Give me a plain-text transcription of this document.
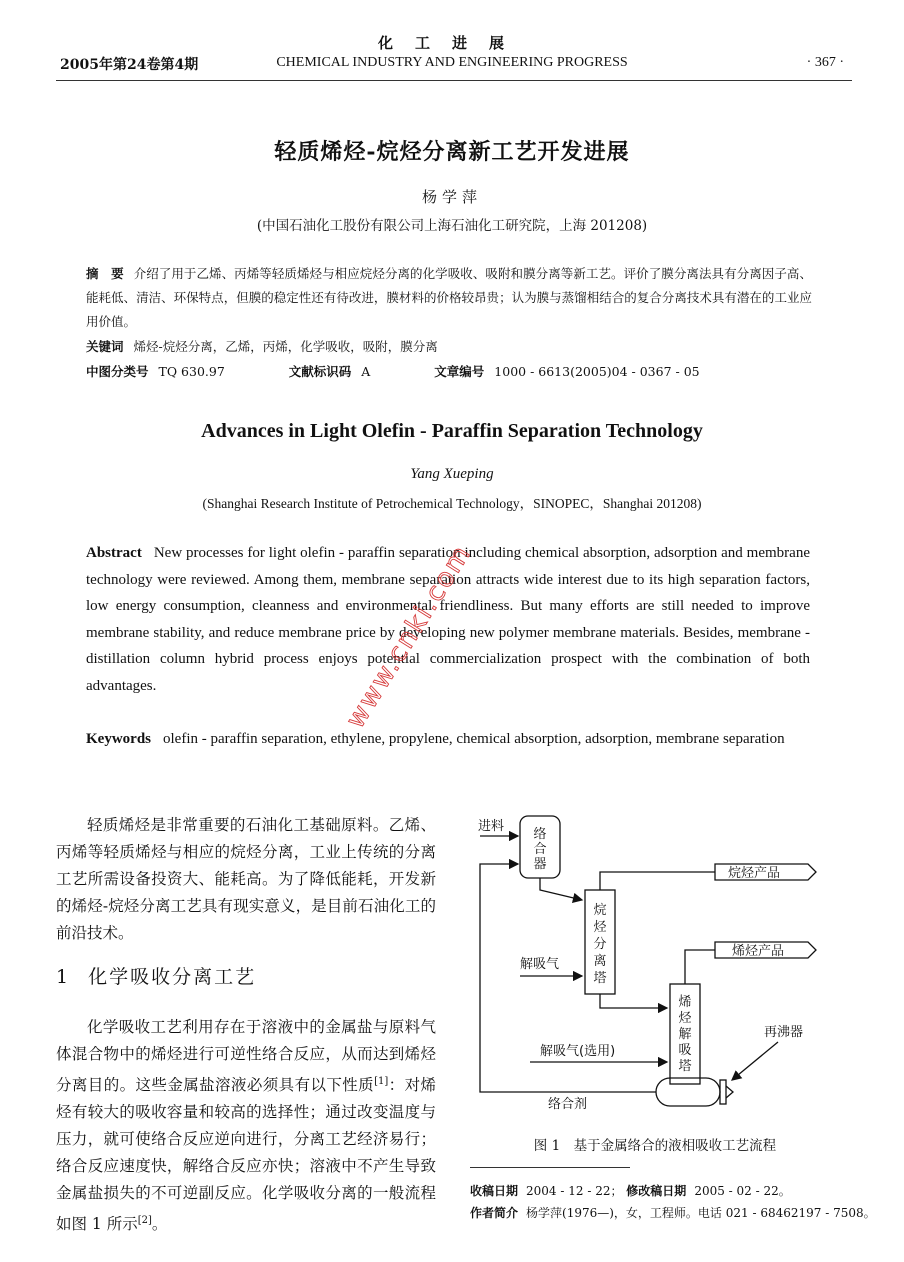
2005年第24卷第4期
化工进展
CHEMICAL INDUSTRY AND ENGINEERING PROGRESS	· 367 ·
轻质烯烃-烷烃分离新工艺开发进展
杨学萍
(中国石油化工股份有限公司上海石油化工研究院，上海 201208)
摘　要 介绍了用于乙烯、丙烯等轻质烯烃与相应烷烃分离的化学吸收、吸附和膜分离等新工艺。评价了膜分离法具有分离因子高、能耗低、清洁、环保特点，但膜的稳定性还有待改进，膜材料的价格较昂贵；认为膜与蒸馏相结合的复合分离技术具有潜在的工业应用价值。
关键词 烯烃-烷烃分离，乙烯，丙烯，化学吸收，吸附，膜分离
中图分类号 TQ 630.97	文献标识码 A	文章编号 1000 - 6613(2005)04 - 0367 - 05
Advances in Light Olefin - Paraffin Separation Technology
Yang Xueping
(Shanghai Research Institute of Petrochemical Technology，SINOPEC，Shanghai 201208)
Abstract New processes for light olefin - paraffin separation including chemical absorption, adsorption and membrane technology were reviewed. Among them, membrane separation attracts wide interest due to its high separation factors, low energy consumption, cleanness and environmental friendliness. But many efforts are still needed to improve membrane stability, and reduce membrane price by developing new polymer membrane materials. Besides, membrane - distillation column hybrid process enjoys potential commercialization prospect with the combination of both advantages.
Keywords olefin - paraffin separation, ethylene, propylene, chemical absorption, adsorption, membrane separation
轻质烯烃是非常重要的石油化工基础原料。乙烯、丙烯等轻质烯烃与相应的烷烃分离，工业上传统的分离工艺所需设备投资大、能耗高。为了降低能耗，开发新的烯烃-烷烃分离工艺具有现实意义，是目前石油化工的前沿技术。
1 化学吸收分离工艺
化学吸收工艺利用存在于溶液中的金属盐与原料气体混合物中的烯烃进行可逆性络合反应，从而达到烯烃分离目的。这些金属盐溶液必须具有以下性质[1]：对烯烃有较大的吸收容量和较高的选择性；通过改变温度与压力，就可使络合反应逆向进行，分离工艺经济易行；络合反应速度快，解络合反应亦快；溶液中不产生导致金属盐损失的不可逆副反应。化学吸收分离的一般流程如图 1 所示[2]。
进料
络
合
器
烷
烃
分
离
塔
烯
烃
解
吸
塔
烷烃产品
烯烃产品
解吸气
解吸气(选用)
再沸器
络合剂
图 1　基于金属络合的液相吸收工艺流程
收稿日期 2004 - 12 - 22； 修改稿日期 2005 - 02 - 22。
作者简介 杨学萍(1976—)，女，工程师。电话 021 - 68462197 - 7508。
www.cnki.com
